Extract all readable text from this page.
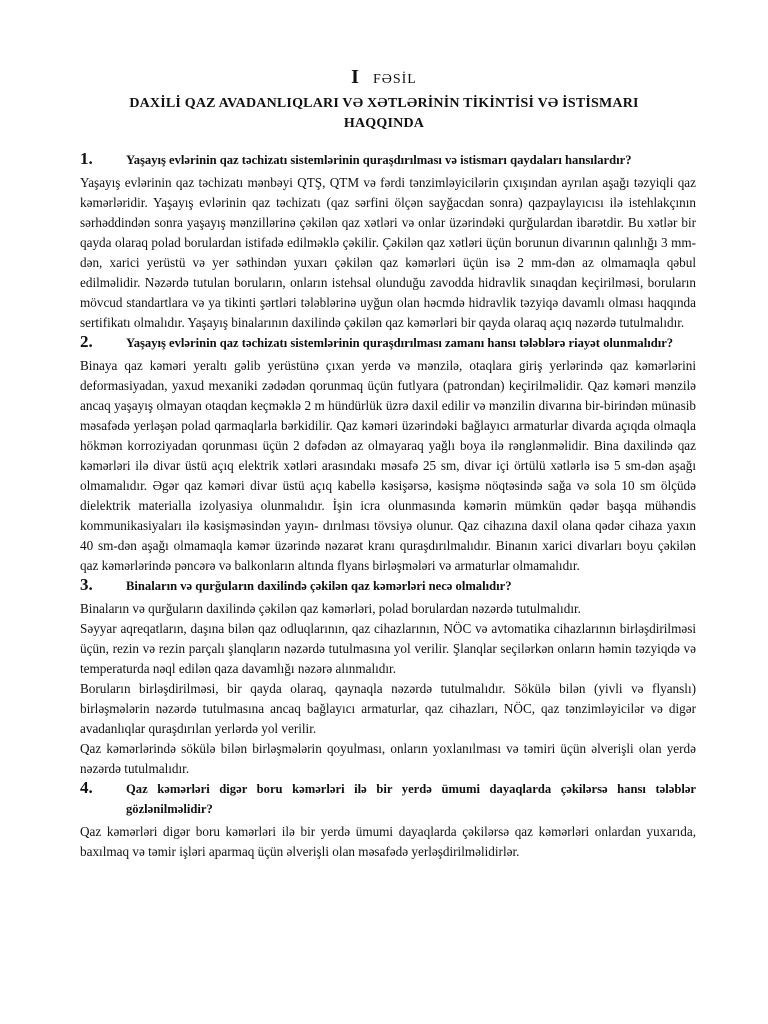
I FƏSİL
DAXİLİ QAZ AVADANLIQLARI VƏ XƏTLƏRİNİN TİKİNTİSİ VƏ İSTİSMARI
HAQQINDA
1.	Yaşayış evlərinin qaz təchizatı sistemlərinin quraşdırılması və istismarı qaydaları hansılardır?

Yaşayış evlərinin qaz təchizatı mənbəyi QTŞ, QTM və fərdi tənzimləyicilərin çıxışından ayrılan aşağı təzyiqli qaz kəmərləridir. Yaşayış evlərinin qaz təchizatı (qaz sərfini ölçən sayğacdan sonra) qazpaylayıcısı ilə istehlakçının sərhəddindən sonra yaşayış mənzillərinə çəkilən qaz xətləri və onlar üzərindəki qurğulardan ibarətdir. Bu xətlər bir qayda olaraq polad borulardan istifadə edilməklə çəkilir. Çəkilən qaz xətləri üçün borunun divarının qalınlığı 3 mm-dən, xarici yerüstü və yer səthindən yuxarı çəkilən qaz kəmərləri üçün isə 2 mm-dən az olmamaqla qəbul edilməlidir. Nəzərdə tutulan boruların, onların istehsal olunduğu zavodda hidravlik sınaqdan keçirilməsi, boruların mövcud standartlara və ya tikinti şərtləri tələblərinə uyğun olan həcmdə hidravlik təzyiqə davamlı olması haqqında sertifikatı olmalıdır. Yaşayış binalarının daxilində çəkilən qaz kəmərləri bir qayda olaraq açıq nəzərdə tutulmalıdır.

2.	Yaşayış evlərinin qaz təchizatı sistemlərinin quraşdırılması zamanı hansı tələblərə riayət olunmalıdır?

Binaya qaz kəməri yeraltı gəlib yerüstünə çıxan yerdə və mənzilə, otaqlara giriş yerlərində qaz kəmərlərini deformasiyadan, yaxud mexaniki zədədən qorunmaq üçün futlyara (patrondan) keçirilməlidir. Qaz kəməri mənzilə ancaq yaşayış olmayan otaqdan keçməklə 2 m hündürlük üzrə daxil edilir və mənzilin divarına bir-birindən münasib məsafədə yerləşən polad qarmaqlarla bərkidilir. Qaz kəməri üzərindəki bağlayıcı armaturlar divarda açıqda olmaqla hökmən korroziyadan qorunması üçün 2 dəfədən az olmayaraq yağlı boya ilə rənglənməlidir. Bina daxilində qaz kəmərləri ilə divar üstü açıq elektrik xətləri arasındakı məsafə 25 sm, divar içi örtülü xətlərlə isə 5 sm-dən aşağı olmamalıdır. Əgər qaz kəməri divar üstü açıq kabellə kəsişərsə, kəsişmə nöqtəsində sağa və sola 10 sm ölçüdə dielektrik materialla izolyasiya olunmalıdır. İşin icra olunmasında kəmərin mümkün qədər başqa mühəndis kommunikasiyaları ilə kəsişməsindən yayın- dırılması tövsiyə olunur. Qaz cihazına daxil olana qədər cihaza yaxın 40 sm-dən aşağı olmamaqla kəmər üzərində nəzarət kranı quraşdırılmalıdır. Binanın xarici divarları boyu çəkilən qaz kəmərlərində pəncərə və balkonların altında flyans birləşmələri və armaturlar olmamalıdır.

3.	Binaların və qurğuların daxilində çəkilən qaz kəmərləri necə olmalıdır?

Binaların və qurğuların daxilində çəkilən qaz kəmərləri, polad borulardan nəzərdə tutulmalıdır.

Səyyar aqreqatların, daşına bilən qaz odluqlarının, qaz cihazlarının, NÖC və avtomatika cihazlarının birləşdirilməsi üçün, rezin və rezin parçalı şlanqların nəzərdə tutulmasına yol verilir. Şlanqlar seçilərkən onların həmin təzyiqdə və temperaturda nəql edilən qaza davamlığı nəzərə alınmalıdır.

Boruların birləşdirilməsi, bir qayda olaraq, qaynaqla nəzərdə tutulmalıdır. Sökülə bilən (yivli və flyanslı) birləşmələrin nəzərdə tutulmasına ancaq bağlayıcı armaturlar, qaz cihazları, NÖC, qaz tənzimləyicilər və digər avadanlıqlar quraşdırılan yerlərdə yol verilir.

Qaz kəmərlərində sökülə bilən birləşmələrin qoyulması, onların yoxlanılması və təmiri üçün əlverişli olan yerdə nəzərdə tutulmalıdır.

4.	Qaz kəmərləri digər boru kəmərləri ilə bir yerdə ümumi dayaqlarda çəkilərsə hansı tələblər gözlənilməlidir?

Qaz kəmərləri digər boru kəmərləri ilə bir yerdə ümumi dayaqlarda çəkilərsə qaz kəmərləri onlardan yuxarıda, baxılmaq və təmir işləri aparmaq üçün əlverişli olan məsafədə yerləşdirilməlidirlər.
